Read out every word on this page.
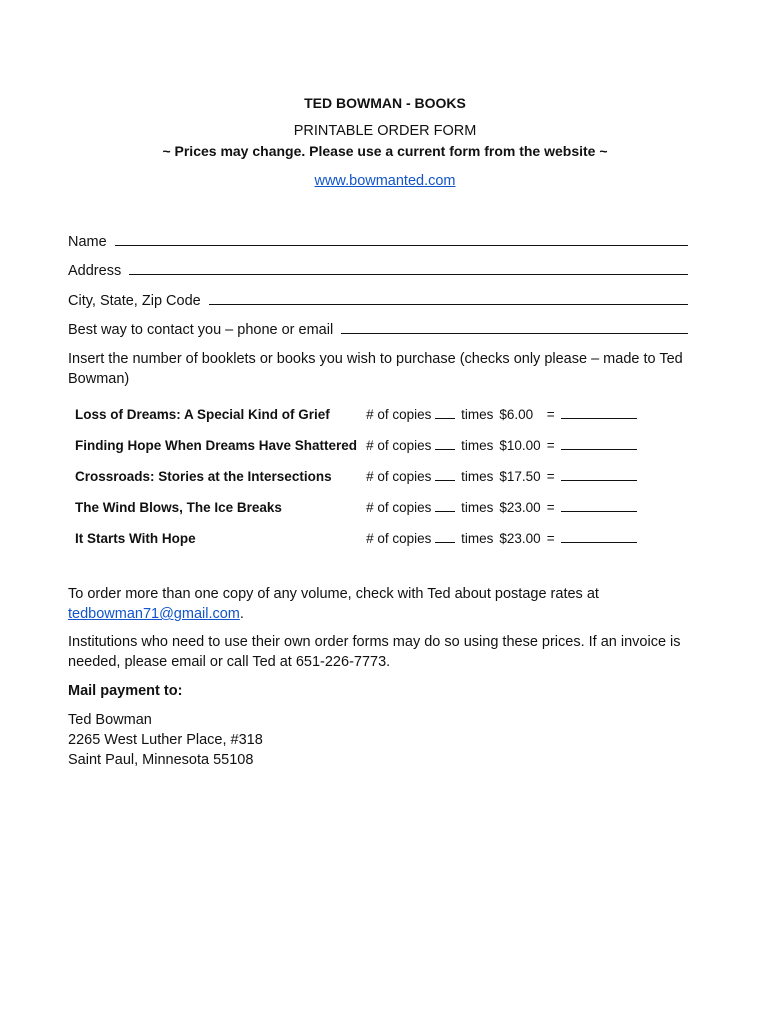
TED BOWMAN - BOOKS
PRINTABLE ORDER FORM
~ Prices may change. Please use a current form from the website ~
www.bowmanted.com
Name
Address
City, State, Zip Code
Best way to contact you – phone or email
Insert the number of booklets or books you wish to purchase (checks only please – made to Ted Bowman)
Loss of Dreams: A Special Kind of Grief	# of copies	times	$6.00	=	
Finding Hope When Dreams Have Shattered	# of copies	times	$10.00	=	
Crossroads: Stories at the Intersections	# of copies	times	$17.50	=	
The Wind Blows, The Ice Breaks	# of copies	times	$23.00	=	
It Starts With Hope	# of copies	times	$23.00	=	
To order more than one copy of any volume, check with Ted about postage rates at
tedbowman71@gmail.com.
Institutions who need to use their own order forms may do so using these prices. If an invoice is needed, please email or call Ted at 651-226-7773.
Mail payment to:
Ted Bowman
2265 West Luther Place, #318
Saint Paul, Minnesota 55108
